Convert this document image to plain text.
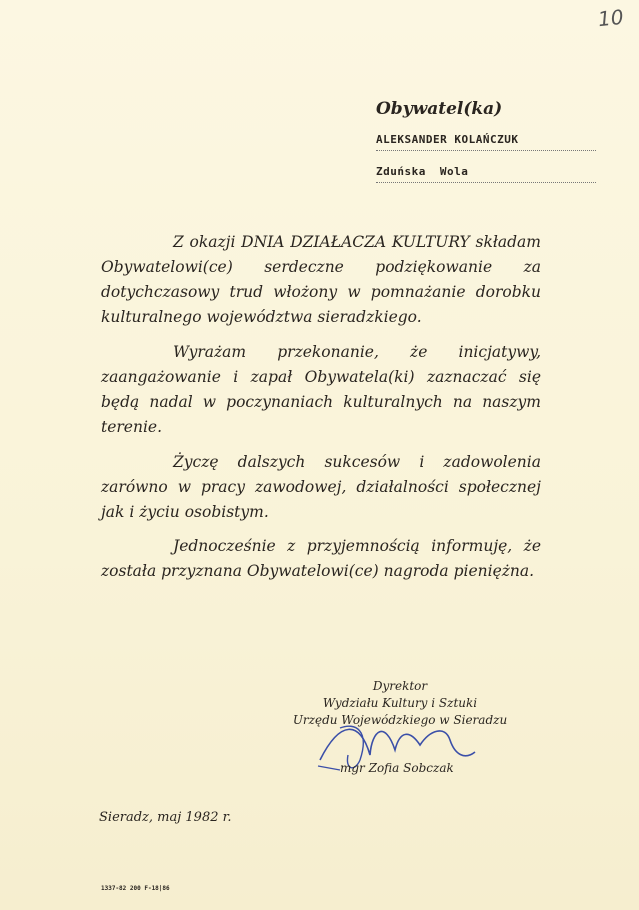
10
Obywatel(ka)
ALEKSANDER KOLAŃCZUK
Zduńska Wola

Z okazji DNIA DZIAŁACZA KULTURY składam Obywatelowi(ce) serdeczne podziękowanie za dotychczasowy trud włożony w pomnażanie dorobku kulturalnego województwa sieradzkiego.

Wyrażam przekonanie, że inicjatywy, zaangażowanie i zapał Obywatela(ki) zaznaczać się będą nadal w poczynaniach kulturalnych na naszym terenie.

Życzę dalszych sukcesów i zadowolenia zarówno w pracy zawodowej, działalności społecznej jak i życiu osobistym.

Jednocześnie z przyjemnością informuję, że została przyznana Obywatelowi(ce) nagroda pieniężna.

Dyrektor
Wydziału Kultury i Sztuki
Urzędu Wojewódzkiego w Sieradzu
mgr Zofia Sobczak
Sieradz, maj 1982 r.
1337-82 200 F-18|86
